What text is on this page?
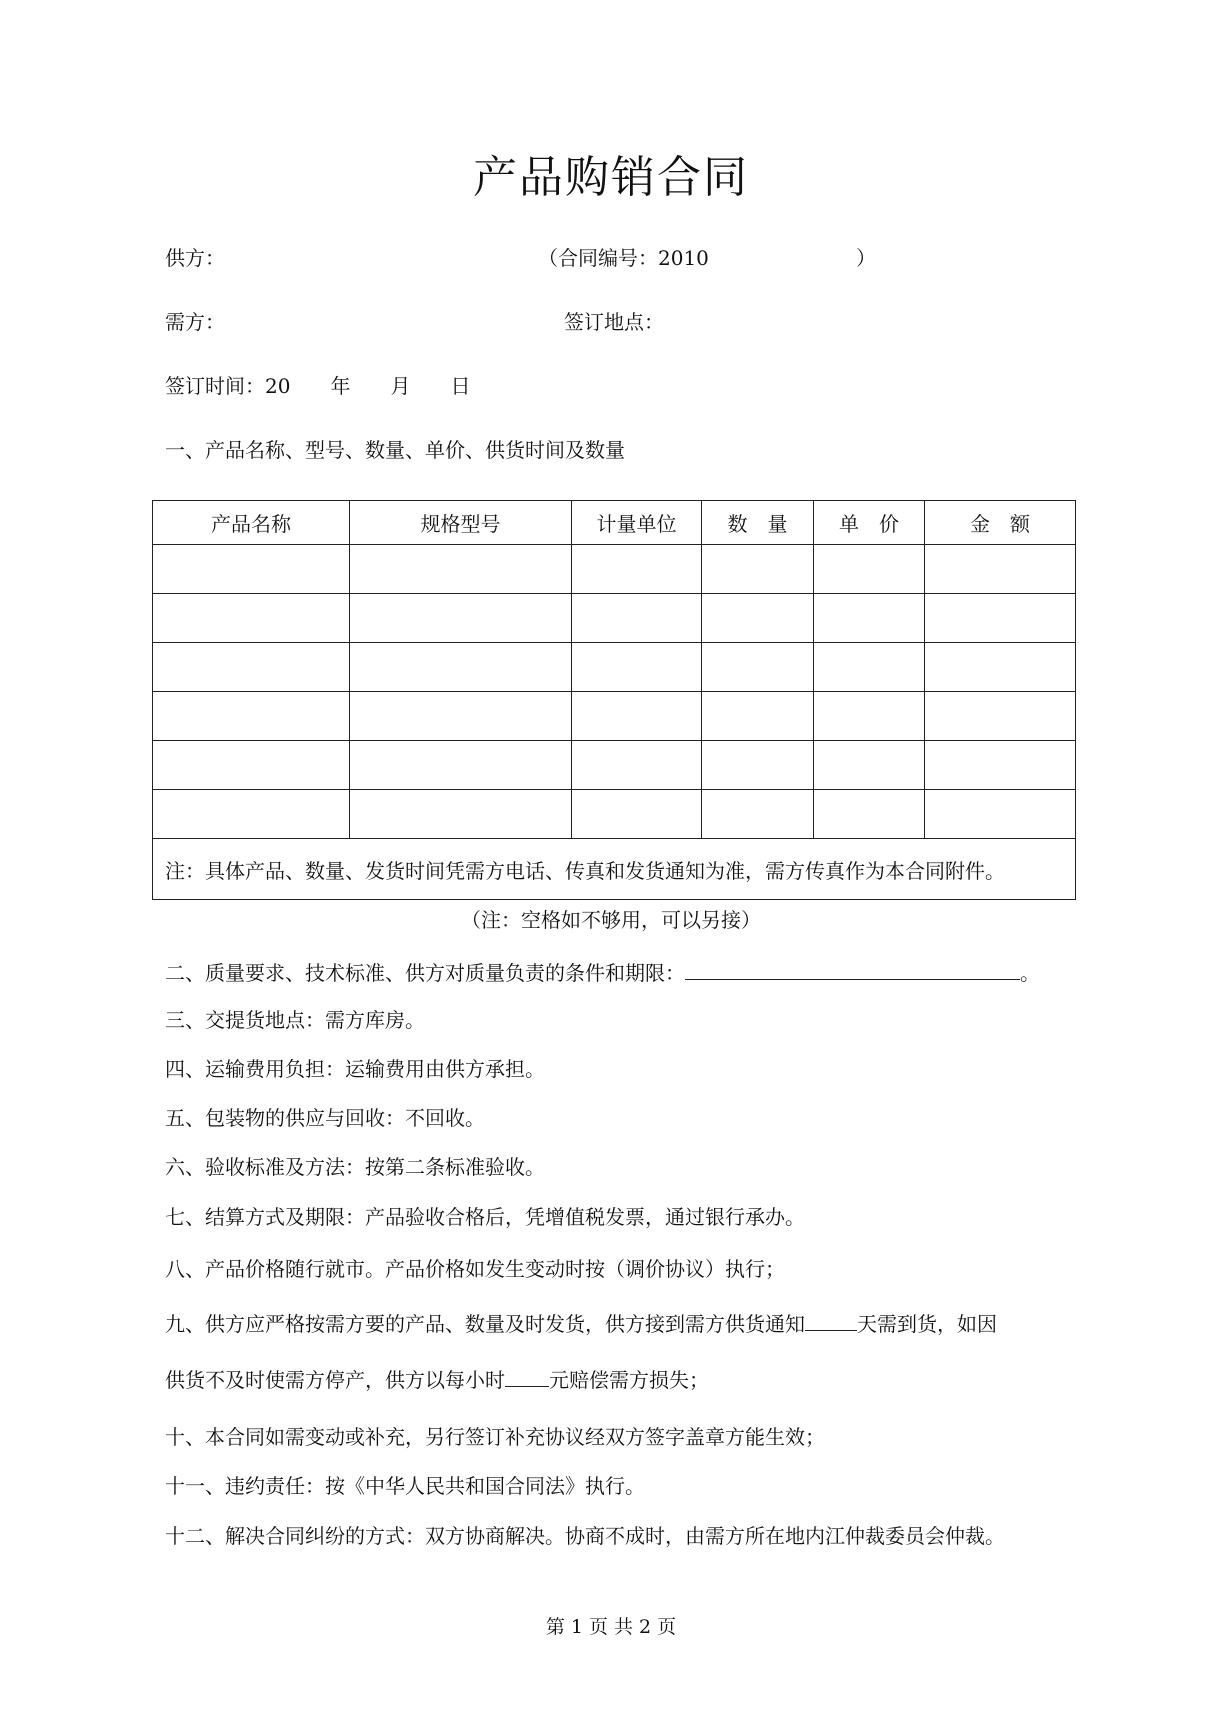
产品购销合同
供方：	（合同编号：2010	）
需方：	签订地点：
签订时间：20　　年　　月　　日
一、产品名称、型号、数量、单价、供货时间及数量
产品名称	规格型号	计量单位	数　量	单　价	金　额

注：具体产品、数量、发货时间凭需方电话、传真和发货通知为准，需方传真作为本合同附件。					
（注：空格如不够用，可以另接）
二、质量要求、技术标准、供方对质量负责的条件和期限：	。
三、交提货地点：需方库房。
四、运输费用负担：运输费用由供方承担。
五、包装物的供应与回收：不回收。
六、验收标准及方法：按第二条标准验收。
七、结算方式及期限：产品验收合格后，凭增值税发票，通过银行承办。
八、产品价格随行就市。产品价格如发生变动时按（调价协议）执行；
九、供方应严格按需方要的产品、数量及时发货，供方接到需方供货通知	天需到货，如因
供货不及时使需方停产，供方以每小时 元赔偿需方损失；
十、本合同如需变动或补充，另行签订补充协议经双方签字盖章方能生效；
十一、违约责任：按《中华人民共和国合同法》执行。
十二、解决合同纠纷的方式：双方协商解决。协商不成时，由需方所在地内江仲裁委员会仲裁。
第 1 页 共 2 页
